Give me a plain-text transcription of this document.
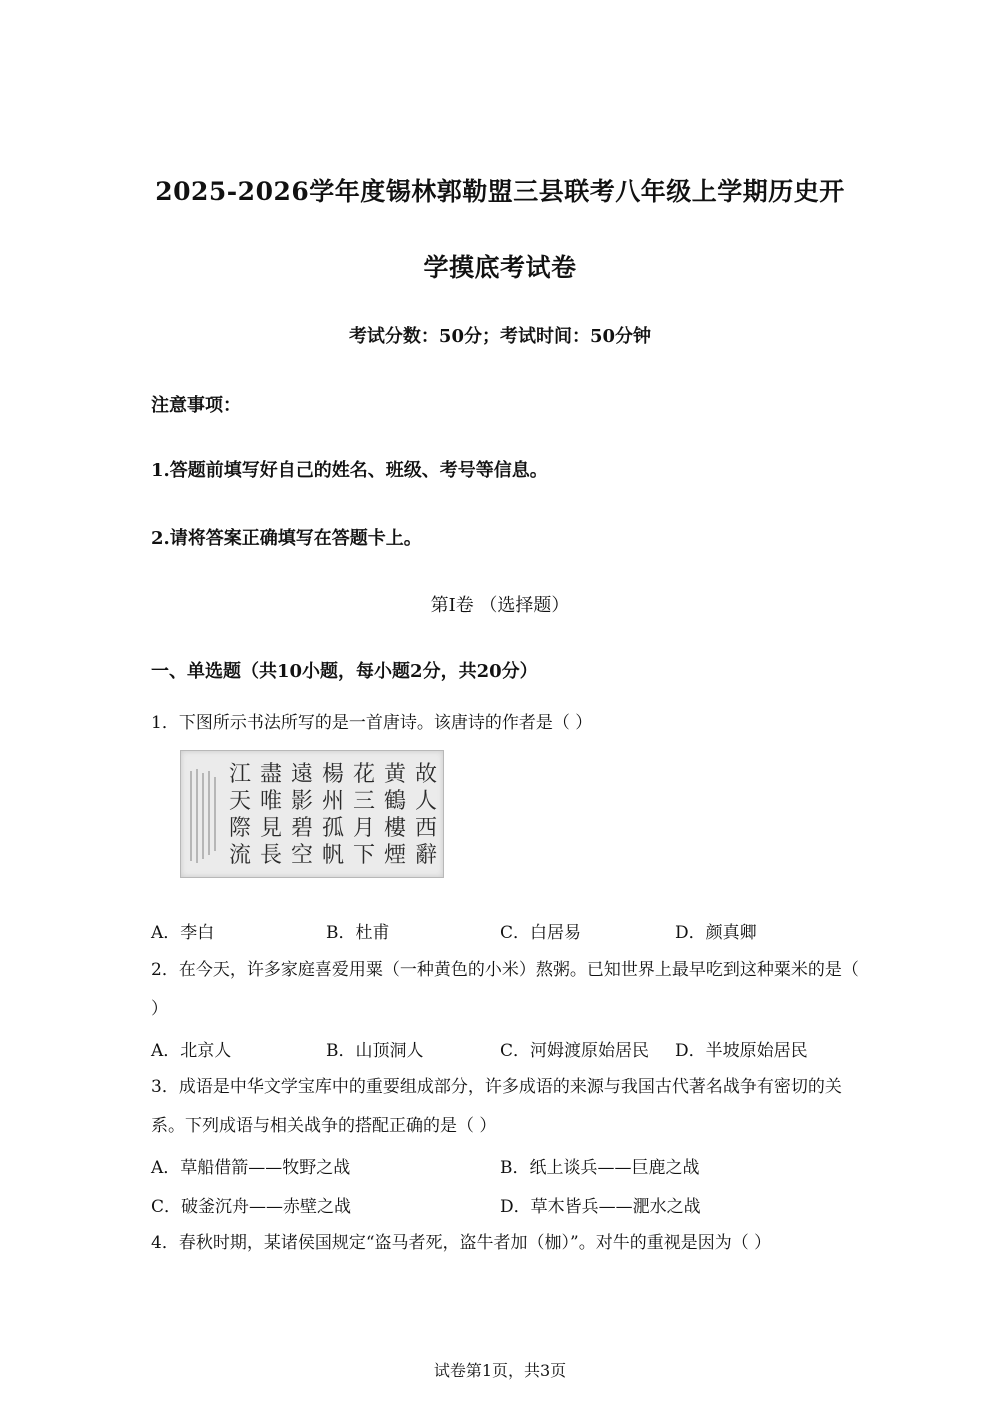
2025-2026学年度锡林郭勒盟三县联考八年级上学期历史开
学摸底考试卷
考试分数：50分；考试时间：50分钟
注意事项：
1.答题前填写好自己的姓名、班级、考号等信息。
2.请将答案正确填写在答题卡上。
第Ⅰ卷 （选择题）
一、单选题（共10小题，每小题2分，共20分）
1．下图所示书法所写的是一首唐诗。该唐诗的作者是（ ）
故
人
西
辭
黄
鶴
樓
煙
花
三
月
下
楊
州
孤
帆
遠
影
碧
空
盡
唯
見
長
江
天
際
流
A．李白	B．杜甫	C．白居易	D．颜真卿
2．在今天，许多家庭喜爱用粟（一种黄色的小米）熬粥。已知世界上最早吃到这种粟米的是（ ）
A．北京人	B．山顶洞人	C．河姆渡原始居民 D．半坡原始居民
3．成语是中华文学宝库中的重要组成部分，许多成语的来源与我国古代著名战争有密切的关系。下列成语与相关战争的搭配正确的是（ ）
A．草船借箭——牧野之战	B．纸上谈兵——巨鹿之战
C．破釜沉舟——赤壁之战	D．草木皆兵——淝水之战
4．春秋时期，某诸侯国规定“盗马者死，盗牛者加（枷）”。对牛的重视是因为（ ）
试卷第1页，共3页
